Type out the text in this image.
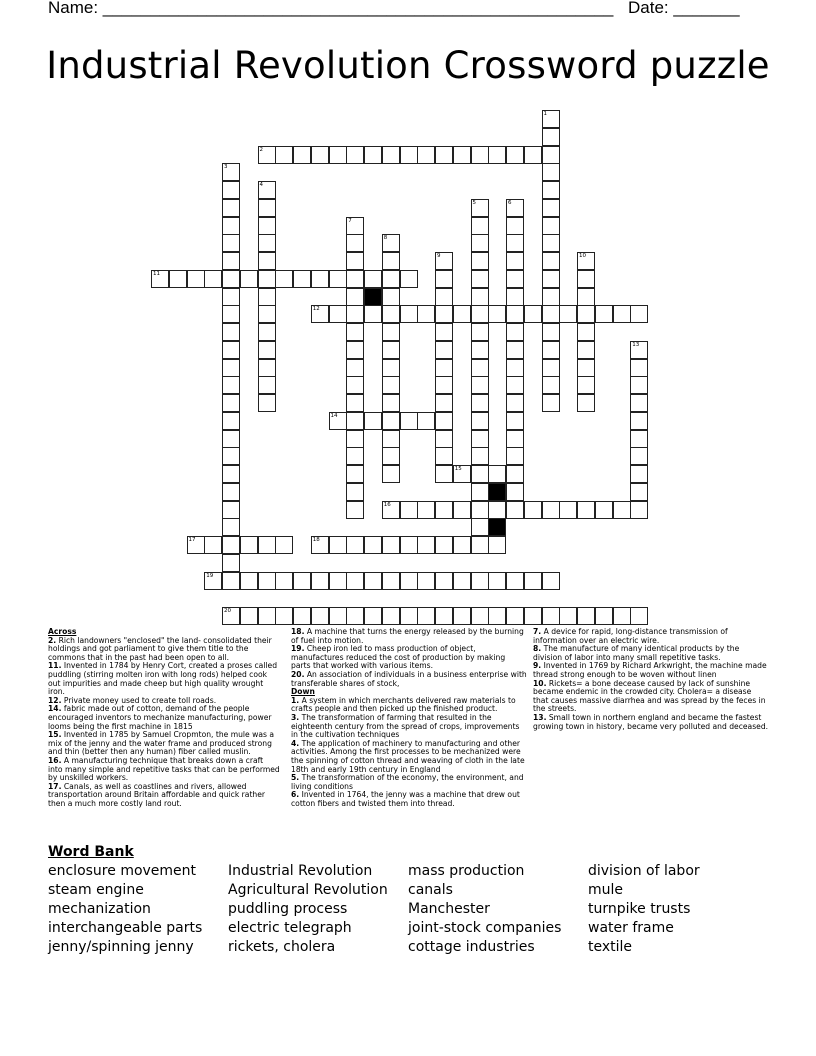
Name: ______________________________________________________ Date: _______
Industrial Revolution Crossword puzzle
1
3
4
5	6
7
8
9	10
13
2
11
12
14
15
16
17	18
19
20
Across
2. Rich landowners "enclosed" the land- consolidated their holdings and got parliament to give them title to the commons that in the past had been open to all.
11. Invented in 1784 by Henry Cort, created a proses called puddling (stirring molten iron with long rods) helped cook out impurities and made cheep but high quality wrought iron.
12. Private money used to create toll roads.
14. fabric made out of cotton, demand of the people encouraged inventors to mechanize manufacturing, power looms being the first machine in 1815
15. Invented in 1785 by Samuel Cropmton, the mule was a mix of the jenny and the water frame and produced strong and thin (better then any human) fiber called muslin.
16. A manufacturing technique that breaks down a craft into many simple and repetitive tasks that can be performed by unskilled workers.
17. Canals, as well as coastlines and rivers, allowed transportation around Britain affordable and quick rather then a much more costly land rout.
18. A machine that turns the energy released by the burning of fuel into motion.
19. Cheep iron led to mass production of object, manufactures reduced the cost of production by making parts that worked with various items.
20. An association of individuals in a business enterprise with transferable shares of stock,
Down
1. A system in which merchants delivered raw materials to crafts people and then picked up the finished product.
3. The transformation of farming that resulted in the eighteenth century from the spread of crops, improvements in the cultivation techniques
4. The application of machinery to manufacturing and other activities. Among the first processes to be mechanized were the spinning of cotton thread and weaving of cloth in the late 18th and early 19th century in England
5. The transformation of the economy, the environment, and living conditions
6. Invented in 1764, the jenny was a machine that drew out cotton fibers and twisted them into thread.
7. A device for rapid, long-distance transmission of information over an electric wire.
8. The manufacture of many identical products by the division of labor into many small repetitive tasks.
9. Invented in 1769 by Richard Arkwright, the machine made thread strong enough to be woven without linen
10. Rickets= a bone decease caused by lack of sunshine became endemic in the crowded city. Cholera= a disease that causes massive diarrhea and was spread by the feces in the streets.
13. Small town in northern england and became the fastest growing town in history, became very polluted and deceased.
Word Bank
enclosure movement
steam engine
mechanization
interchangeable parts
jenny/spinning jenny
Industrial Revolution
Agricultural Revolution
puddling process
electric telegraph
rickets, cholera
mass production
canals
Manchester
joint-stock companies
cottage industries
division of labor
mule
turnpike trusts
water frame
textile
